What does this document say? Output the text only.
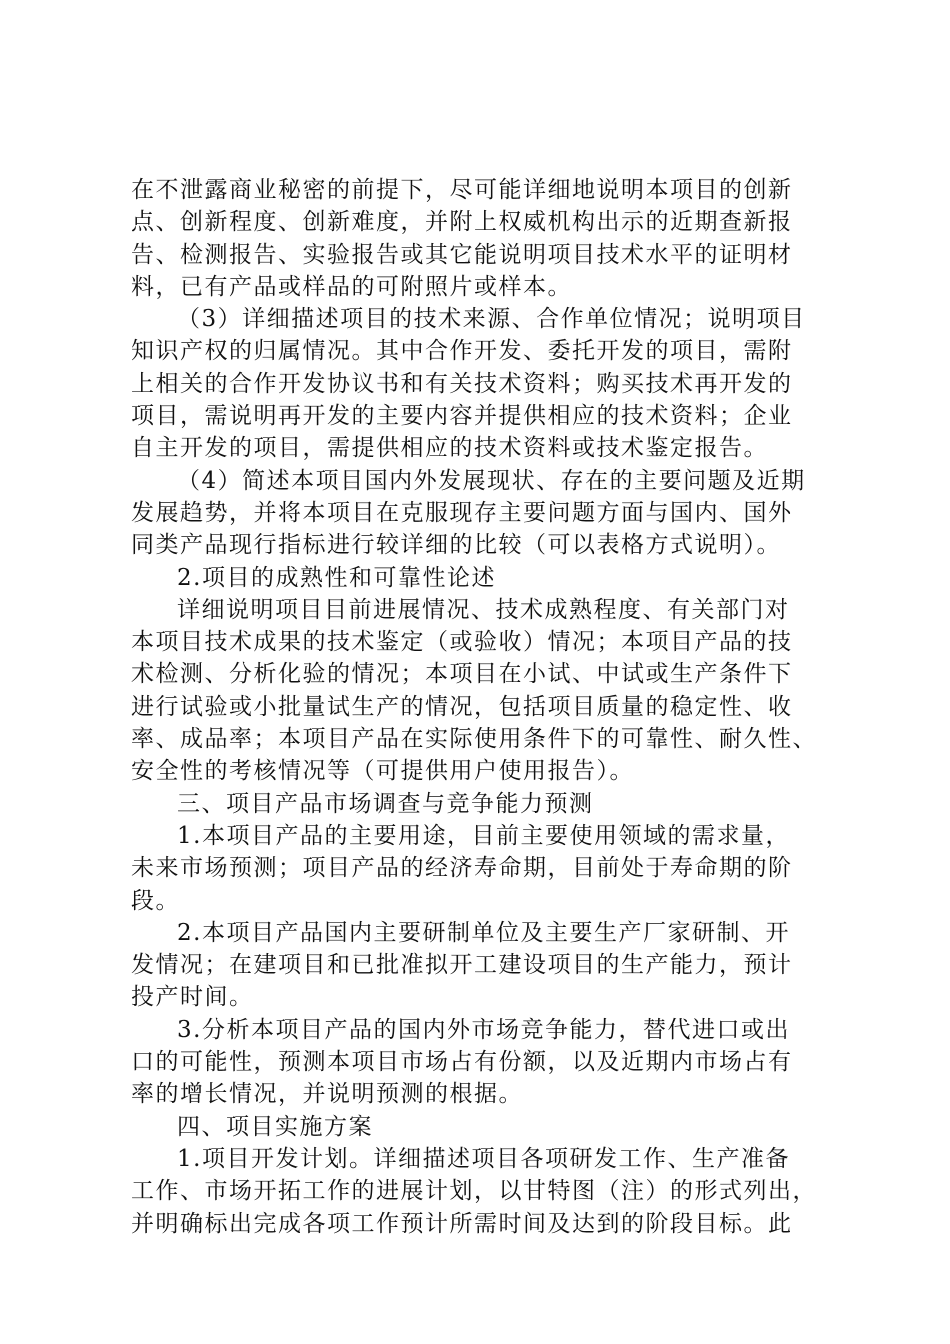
在不泄露商业秘密的前提下，尽可能详细地说明本项目的创新
点、创新程度、创新难度，并附上权威机构出示的近期查新报
告、检测报告、实验报告或其它能说明项目技术水平的证明材
料，已有产品或样品的可附照片或样本。
（3）详细描述项目的技术来源、合作单位情况；说明项目
知识产权的归属情况。其中合作开发、委托开发的项目，需附
上相关的合作开发协议书和有关技术资料；购买技术再开发的
项目，需说明再开发的主要内容并提供相应的技术资料；企业
自主开发的项目，需提供相应的技术资料或技术鉴定报告。
（4）简述本项目国内外发展现状、存在的主要问题及近期
发展趋势，并将本项目在克服现存主要问题方面与国内、国外
同类产品现行指标进行较详细的比较（可以表格方式说明）。
2.项目的成熟性和可靠性论述
详细说明项目目前进展情况、技术成熟程度、有关部门对
本项目技术成果的技术鉴定（或验收）情况；本项目产品的技
术检测、分析化验的情况；本项目在小试、中试或生产条件下
进行试验或小批量试生产的情况，包括项目质量的稳定性、收
率、成品率；本项目产品在实际使用条件下的可靠性、耐久性、
安全性的考核情况等（可提供用户使用报告）。
三、项目产品市场调查与竞争能力预测
1.本项目产品的主要用途，目前主要使用领域的需求量，
未来市场预测；项目产品的经济寿命期，目前处于寿命期的阶
段。
2.本项目产品国内主要研制单位及主要生产厂家研制、开
发情况；在建项目和已批准拟开工建设项目的生产能力，预计
投产时间。
3.分析本项目产品的国内外市场竞争能力，替代进口或出
口的可能性，预测本项目市场占有份额，以及近期内市场占有
率的增长情况，并说明预测的根据。
四、项目实施方案
1.项目开发计划。详细描述项目各项研发工作、生产准备
工作、市场开拓工作的进展计划，以甘特图（注）的形式列出，
并明确标出完成各项工作预计所需时间及达到的阶段目标。此
